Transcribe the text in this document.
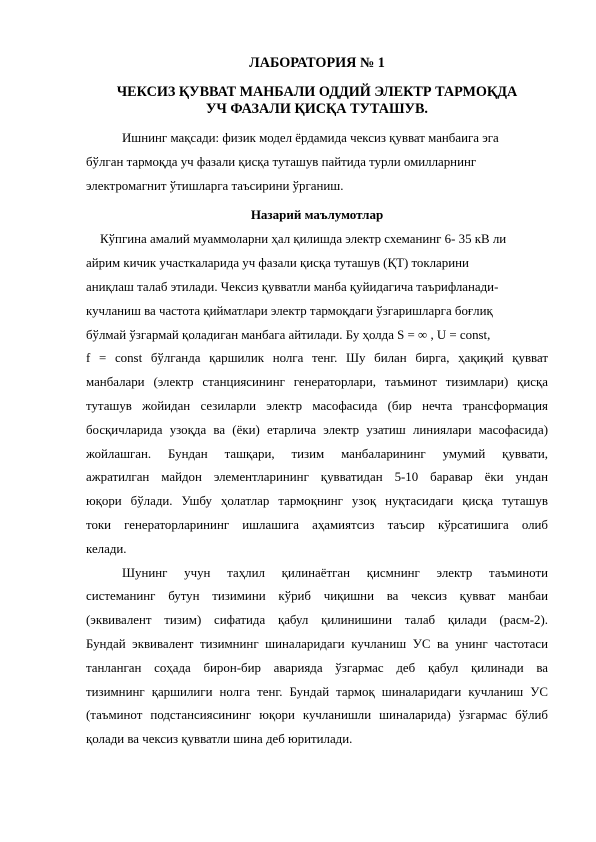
ЛАБОРАТОРИЯ № 1
ЧЕКСИЗ ҚУВВАТ МАНБАЛИ ОДДИЙ ЭЛЕКТР ТАРМОҚДА
УЧ ФАЗАЛИ ҚИСҚА ТУТАШУВ.
Ишнинг мақсади: физик модел ёрдамида чексиз қувват манбаига эга
бўлган тармоқда уч фазали қисқа туташув пайтида турли омилларнинг
электромагнит ўтишларга таъсирини ўрганиш.
Назарий маълумотлар
Кўпгина амалий муаммоларни ҳал қилишда электр схеманинг 6- 35 кВ ли
айрим кичик участкаларида уч фазали қисқа туташув (ҚТ) токларини
аниқлаш талаб этилади. Чексиз қувватли манба қуйидагича таърифланади-
кучланиш ва частота қийматлари электр тармоқдаги ўзгаришларга боғлиқ
бўлмай ўзгармай қоладиган манбага айтилади. Бу ҳолда S = ∞ , U = const,
f = const бўлганда қаршилик нолга тенг. Шу билан бирга, ҳақиқий қувват
манбалари (электр станциясининг генераторлари, таъминот тизимлари) қисқа
туташув жойидан сезиларли электр масофасида (бир нечта трансформация
босқичларида узоқда ва (ёки) етарлича электр узатиш линиялари масофасида)
жойлашган. Бундан ташқари, тизим манбаларининг умумий қуввати,
ажратилган майдон элементларининг қувватидан 5-10 баравар ёки ундан
юқори бўлади. Ушбу ҳолатлар тармоқнинг узоқ нуқтасидаги қисқа туташув
токи генераторларининг ишлашига аҳамиятсиз таъсир кўрсатишига олиб
келади.
Шунинг учун таҳлил қилинаётган қисмнинг электр таъминоти
системанинг бутун тизимини кўриб чиқишни ва чексиз қувват манбаи
(эквивалент тизим) сифатида қабул қилинишини талаб қилади (расм-2).
Бундай эквивалент тизимнинг шиналаридаги кучланиш УС ва унинг частотаси
танланган соҳада бирон-бир аварияда ўзгармас деб қабул қилинади ва
тизимнинг қаршилиги нолга тенг. Бундай тармоқ шиналаридаги кучланиш УС
(таъминот подстансиясининг юқори кучланишли шиналарида) ўзгармас бўлиб
қолади ва чексиз қувватли шина деб юритилади.
